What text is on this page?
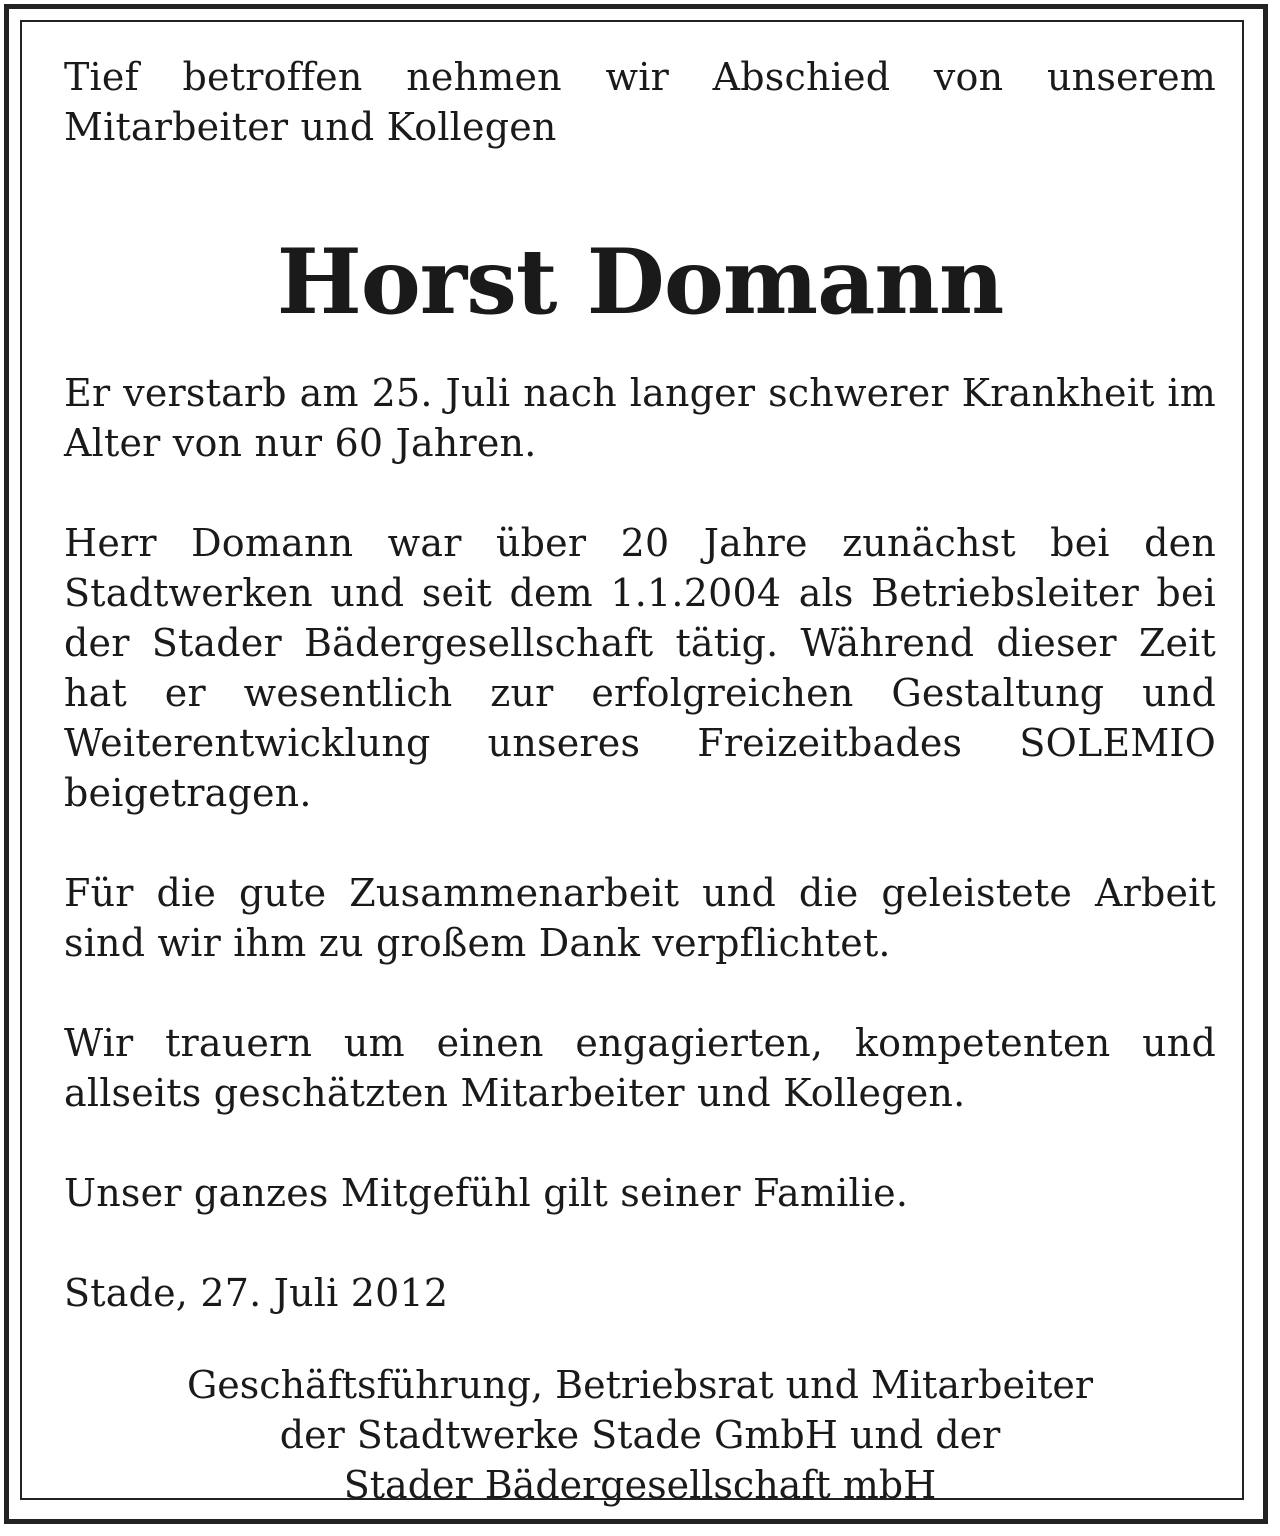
Tief betroffen nehmen wir Abschied von unserem Mitarbeiter und Kollegen

Horst Domann

Er verstarb am 25. Juli nach langer schwerer Krankheit im Alter von nur 60 Jahren.

Herr Domann war über 20 Jahre zunächst bei den Stadtwerken und seit dem 1.1.2004 als Betriebsleiter bei der Stader Bädergesellschaft tätig. Während dieser Zeit hat er wesentlich zur erfolgreichen Gestaltung und Weiterentwicklung unseres Freizeitbades SOLEMIO beigetragen.

Für die gute Zusammenarbeit und die geleistete Arbeit sind wir ihm zu großem Dank verpflichtet.

Wir trauern um einen engagierten, kompetenten und allseits geschätzten Mitarbeiter und Kollegen.

Unser ganzes Mitgefühl gilt seiner Familie.

Stade, 27. Juli 2012

Geschäftsführung, Betriebsrat und Mitarbeiter
der Stadtwerke Stade GmbH und der
Stader Bädergesellschaft mbH
